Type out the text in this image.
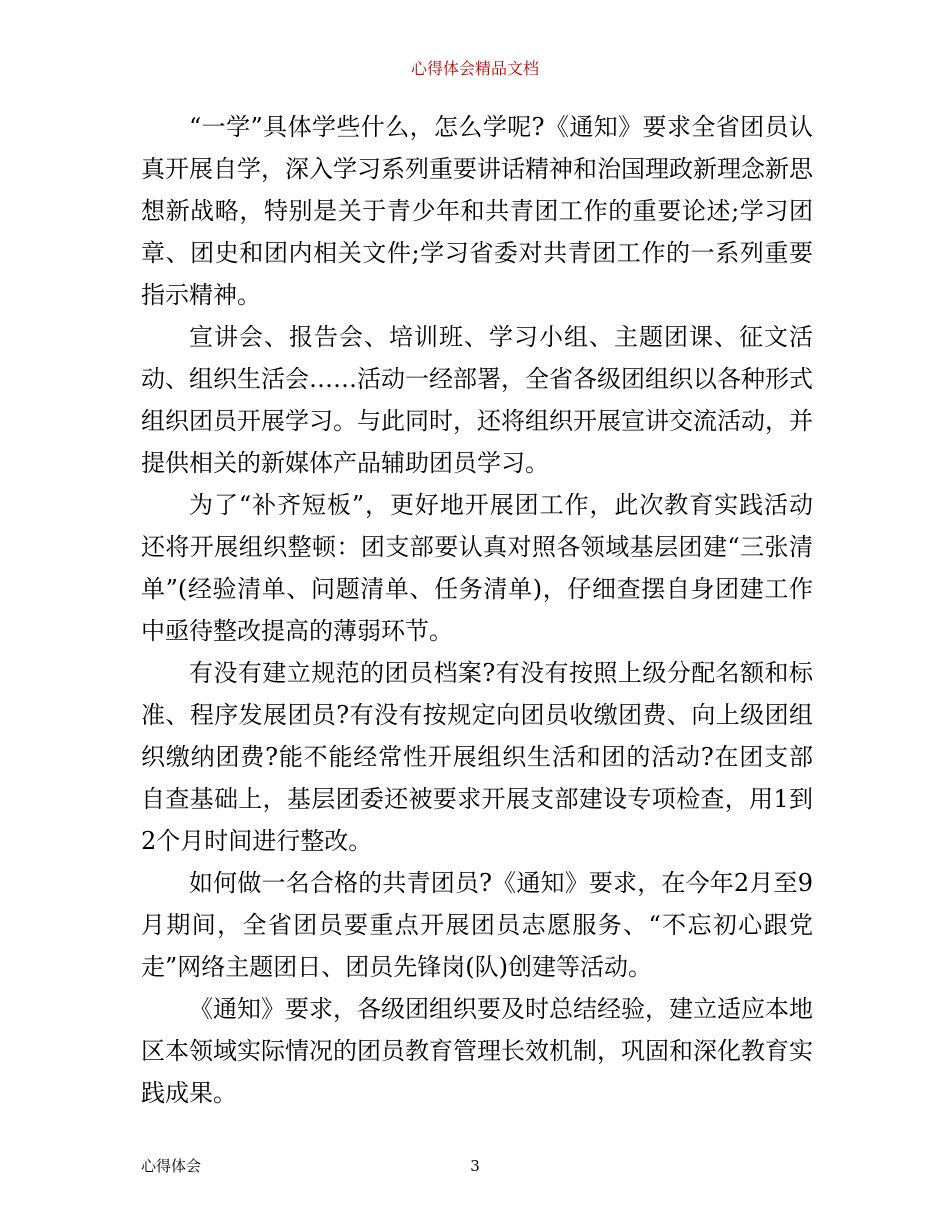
心得体会精品文档

“一学”具体学些什么，怎么学呢?《通知》要求全省团员认真开展自学，深入学习系列重要讲话精神和治国理政新理念新思想新战略，特别是关于青少年和共青团工作的重要论述;学习团章、团史和团内相关文件;学习省委对共青团工作的一系列重要指示精神。

宣讲会、报告会、培训班、学习小组、主题团课、征文活动、组织生活会……活动一经部署，全省各级团组织以各种形式组织团员开展学习。与此同时，还将组织开展宣讲交流活动，并提供相关的新媒体产品辅助团员学习。

为了“补齐短板”，更好地开展团工作，此次教育实践活动还将开展组织整顿：团支部要认真对照各领域基层团建“三张清单”(经验清单、问题清单、任务清单)，仔细查摆自身团建工作中亟待整改提高的薄弱环节。

有没有建立规范的团员档案?有没有按照上级分配名额和标准、程序发展团员?有没有按规定向团员收缴团费、向上级团组织缴纳团费?能不能经常性开展组织生活和团的活动?在团支部自查基础上，基层团委还被要求开展支部建设专项检查，用1到2个月时间进行整改。

如何做一名合格的共青团员?《通知》要求，在今年2月至9月期间，全省团员要重点开展团员志愿服务、“不忘初心跟党走”网络主题团日、团员先锋岗(队)创建等活动。

《通知》要求，各级团组织要及时总结经验，建立适应本地区本领域实际情况的团员教育管理长效机制，巩固和深化教育实践成果。

心得体会	3
